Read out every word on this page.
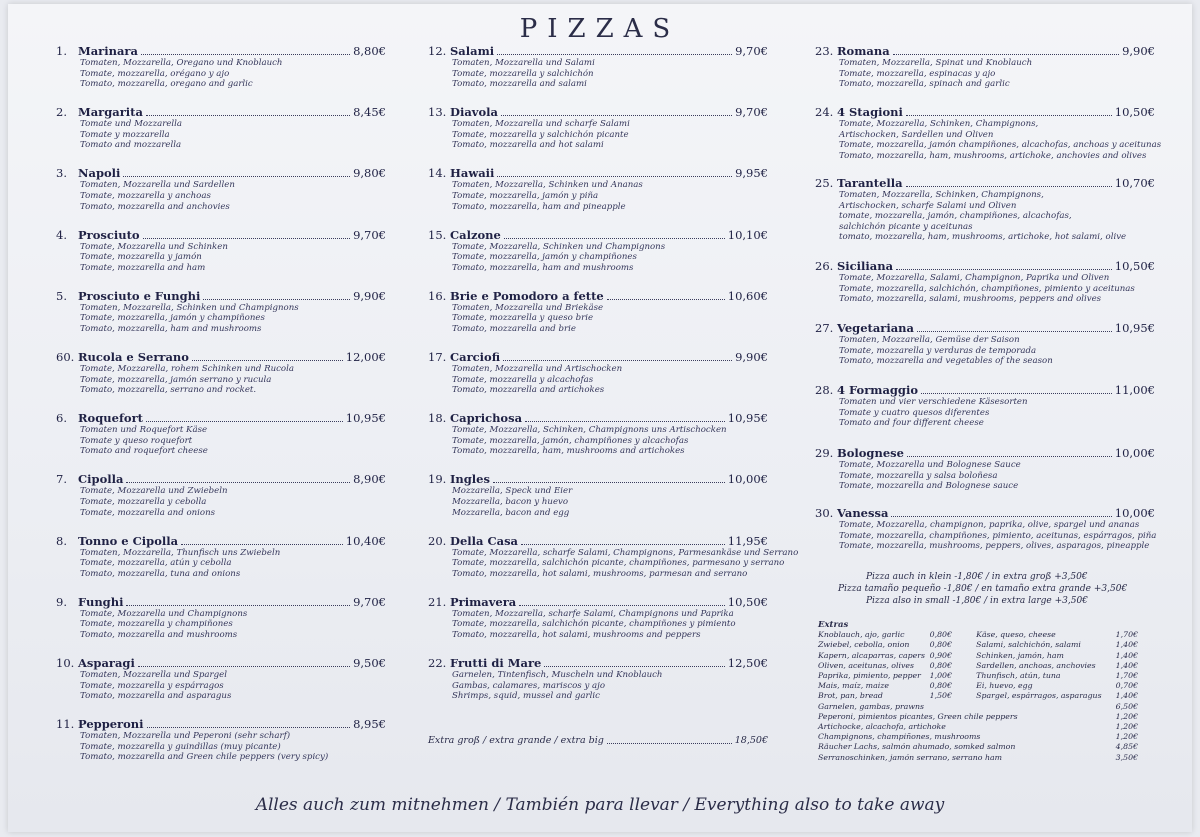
PIZZAS
1. Marinara	8,80€
Tomaten, Mozzarella, Oregano und Knoblauch
Tomate, mozzarella, orégano y ajo
Tomato, mozzarella, oregano and garlic
2. Margarita	8,45€
Tomate und Mozzarella
Tomate y mozzarella
Tomato and mozzarella
3. Napoli	9,80€
Tomaten, Mozzarella und Sardellen
Tomate, mozzarella y anchoas
Tomato, mozzarella and anchovies
4. Prosciuto	9,70€
Tomate, Mozzarella und Schinken
Tomate, mozzarella y jamón
Tomate, mozzarella and ham
5. Prosciuto e Funghi	9,90€
Tomaten, Mozzarella, Schinken und Champignons
Tomate, mozzarella, jamón y champiñones
Tomato, mozzarella, ham and mushrooms
60. Rucola e Serrano	12,00€
Tomate, Mozzarella, rohem Schinken und Rucola
Tomate, mozzarella, jamón serrano y rucula
Tomato, mozzarella, serrano and rocket.
6. Roquefort	10,95€
Tomaten und Roquefort Käse
Tomate y queso roquefort
Tomato and roquefort cheese
7. Cipolla	8,90€
Tomate, Mozzarella und Zwiebeln
Tomate, mozzarella y cebolla
Tomate, mozzarella and onions
8. Tonno e Cipolla	10,40€
Tomaten, Mozzarella, Thunfisch uns Zwiebeln
Tomate, mozzarella, atún y cebolla
Tomato, mozzarella, tuna and onions
9. Funghi	9,70€
Tomate, Mozzarella und Champignons
Tomate, mozzarella y champiñones
Tomato, mozzarella and mushrooms
10. Asparagi	9,50€
Tomaten, Mozzarella und Spargel
Tomate, mozzarella y espárragos
Tomato, mozzarella and asparagus
11. Pepperoni	8,95€
Tomaten, Mozzarella und Peperoni (sehr scharf)
Tomate, mozzarella y guindillas (muy picante)
Tomato, mozzarella and Green chile peppers (very spicy)
12. Salami	9,70€
Tomaten, Mozzarella und Salami
Tomate, mozzarella y salchichón
Tomato, mozzarella and salami
13. Diavola	9,70€
Tomaten, Mozzarella und scharfe Salami
Tomate, mozzarella y salchichón picante
Tomato, mozzarella and hot salami
14. Hawaii	9,95€
Tomaten, Mozzarella, Schinken und Ananas
Tomate, mozzarella, jamón y piña
Tomato, mozzarella, ham and pineapple
15. Calzone	10,10€
Tomate, Mozzarella, Schinken und Champignons
Tomate, mozzarella, jamón y champiñones
Tomato, mozzarella, ham and mushrooms
16. Brie e Pomodoro a fette	10,60€
Tomaten, Mozzarella und Briekäse
Tomate, mozzarella y queso brie
Tomato, mozzarella and brie
17. Carciofi	9,90€
Tomaten, Mozzarella und Artischocken
Tomate, mozzarella y alcachofas
Tomato, mozzarella and artichokes
18. Caprichosa	10,95€
Tomate, Mozzarella, Schinken, Champignons uns Artischocken
Tomate, mozzarella, jamón, champiñones y alcachofas
Tomato, mozzarella, ham, mushrooms and artichokes
19. Ingles	10,00€
Mozzarella, Speck und Eier
Mozzarella, bacon y huevo
Mozzarella, bacon and egg
20. Della Casa	11,95€
Tomate, Mozzarella, scharfe Salami, Champignons, Parmesankäse und Serrano
Tomate, mozzarella, salchichón picante, champiñones, parmesano y serrano
Tomato, mozzarella, hot salami, mushrooms, parmesan and serrano
21. Primavera	10,50€
Tomaten, Mozzarella, scharfe Salami, Champignons und Paprika
Tomate, mozzarella, salchichón picante, champiñones y pimiento
Tomato, mozzarella, hot salami, mushrooms and peppers
22. Frutti di Mare	12,50€
Garnelen, Tintenfisch, Muscheln und Knoblauch
Gambas, calamares, mariscos y ajo
Shrimps, squid, mussel and garlic
23. Romana	9,90€
Tomaten, Mozzarella, Spinat und Knoblauch
Tomate, mozzarella, espinacas y ajo
Tomato, mozzarella, spinach and garlic
24. 4 Stagioni	10,50€
Tomate, Mozzarella, Schinken, Champignons,
Artischocken, Sardellen und Oliven
Tomate, mozzarella, jamón champiñones, alcachofas, anchoas y aceitunas
Tomato, mozzarella, ham, mushrooms, artichoke, anchovies and olives
25. Tarantella	10,70€
Tomaten, Mozzarella, Schinken, Champignons,
Artischocken, scharfe Salami und Oliven
tomate, mozzarella, jamón, champiñones, alcachofas,
salchichón picante y aceitunas
tomato, mozzarella, ham, mushrooms, artichoke, hot salami, olive
26. Siciliana	10,50€
Tomate, Mozzarella, Salami, Champignon, Paprika und Oliven
Tomate, mozzarella, salchichón, champiñones, pimiento y aceitunas
Tomato, mozzarella, salami, mushrooms, peppers and olives
27. Vegetariana	10,95€
Tomaten, Mozzarella, Gemüse der Saison
Tomate, mozzarella y verduras de temporada
Tomato, mozzarella and vegetables of the season
28. 4 Formaggio	11,00€
Tomaten und vier verschiedene Käsesorten
Tomate y cuatro quesos diferentes
Tomato and four different cheese
29. Bolognese	10,00€
Tomate, Mozzarella und Bolognese Sauce
Tomate, mozzarella y salsa boloñesa
Tomate, mozzarella and Bolognese sauce
30. Vanessa	10,00€
Tomate, Mozzarella, champignon, paprika, olive, spargel und ananas
Tomate, mozzarella, champiñones, pimiento, aceitunas, espárragos, piña
Tomate, mozzarella, mushrooms, peppers, olives, asparagos, pineapple
Extra groß / extra grande / extra big	18,50€
Pizza auch in klein -1,80€ / in extra groß +3,50€
Pizza tamaño pequeño -1,80€ / en tamaño extra grande +3,50€
Pizza also in small -1,80€ / in extra large +3,50€
Extras
Knoblauch, ajo, garlic	0,80€	Käse, queso, cheese	1,70€
Zwiebel, cebolla, onion	0,80€	Salami, salchichón, salami	1,40€
Kapern, alcaparras, capers 0,90€	Schinken, jamón, ham	1,40€
Oliven, aceitunas, olives	0,80€	Sardellen, anchoas, anchovies	1,40€
Paprika, pimiento, pepper	1,00€	Thunfisch, atún, tuna	1,70€
Mais, maíz, maize	0,80€	Ei, huevo, egg	0,70€
Brot, pan, bread	1,50€	Spargel, espárragos, asparagus	1,40€
Garnelen, gambas, prawns	6,50€
Peperoni, pimientos picantes, Green chile peppers	1,20€
Artichocke, alcachofa, artichoke	1,20€
Champignons, champiñones, mushrooms	1,20€
Räucher Lachs, salmón ahumado, somked salmon	4,85€
Serranoschinken, jamón serrano, serrano ham	3,50€
Alles auch zum mitnehmen / También para llevar / Everything also to take away
